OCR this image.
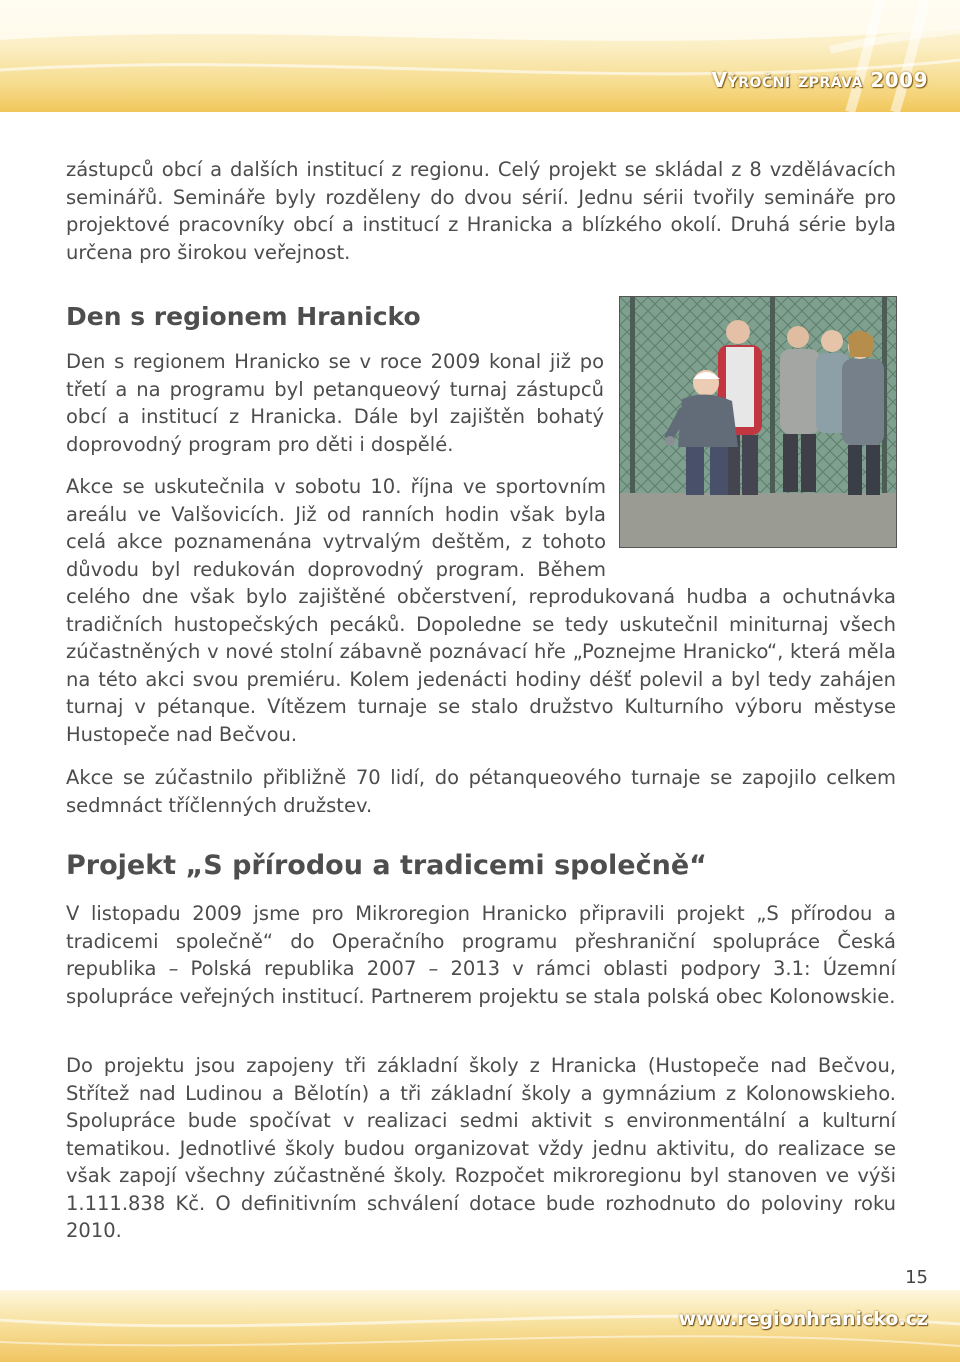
Výroční zpráva 2009

zástupců obcí a dalších institucí z regionu. Celý projekt se skládal z 8 vzdělávacích seminářů. Semináře byly rozděleny do dvou sérií. Jednu sérii tvořily semináře pro projektové pracovníky obcí a institucí z Hranicka a blízkého okolí. Druhá série byla určena pro širokou veřejnost.

Den s regionem Hranicko

Den s regionem Hranicko se v roce 2009 konal již po třetí a na programu byl petanqueový turnaj zástupců obcí a institucí z Hranicka. Dále byl zajištěn bohatý doprovodný program pro děti i dospělé.

Akce se uskutečnila v sobotu 10. října ve sportovním areálu ve Valšovicích. Již od ranních hodin však byla celá akce poznamenána vytrvalým deštěm, z tohoto důvodu byl redukován doprovodný program. Během celého dne však bylo zajištěné občerstvení, reprodukovaná hudba a ochutnávka tradičních hustopečských pecáků. Dopoledne se tedy uskutečnil miniturnaj všech zúčastněných v nové stolní zábavně poznávací hře „Poznejme Hranicko“, která měla na této akci svou premiéru. Kolem jedenácti hodiny déšť polevil a byl tedy zahájen turnaj v pétanque. Vítězem turnaje se stalo družstvo Kulturního výboru městyse Hustopeče nad Bečvou.

Akce se zúčastnilo přibližně 70 lidí, do pétanqueového turnaje se zapojilo celkem sedmnáct tříčlenných družstev.

Projekt „S přírodou a tradicemi společně“

V listopadu 2009 jsme pro Mikroregion Hranicko připravili projekt „S přírodou a tradicemi společně“ do Operačního programu přeshraniční spolupráce Česká republika – Polská republika 2007 – 2013 v rámci oblasti podpory 3.1: Územní spolupráce veřejných institucí. Partnerem projektu se stala polská obec Kolonowskie.

Do projektu jsou zapojeny tři základní školy z Hranicka (Hustopeče nad Bečvou, Střítež nad Ludinou a Bělotín) a tři základní školy a gymnázium z Kolonowskieho. Spolupráce bude spočívat v realizaci sedmi aktivit s environmentální a kulturní tematikou. Jednotlivé školy budou organizovat vždy jednu aktivitu, do realizace se však zapojí všechny zúčastněné školy. Rozpočet mikroregionu byl stanoven ve výši 1.111.838 Kč. O definitivním schválení dotace bude rozhodnuto do poloviny roku 2010.

15
www.regionhranicko.cz
